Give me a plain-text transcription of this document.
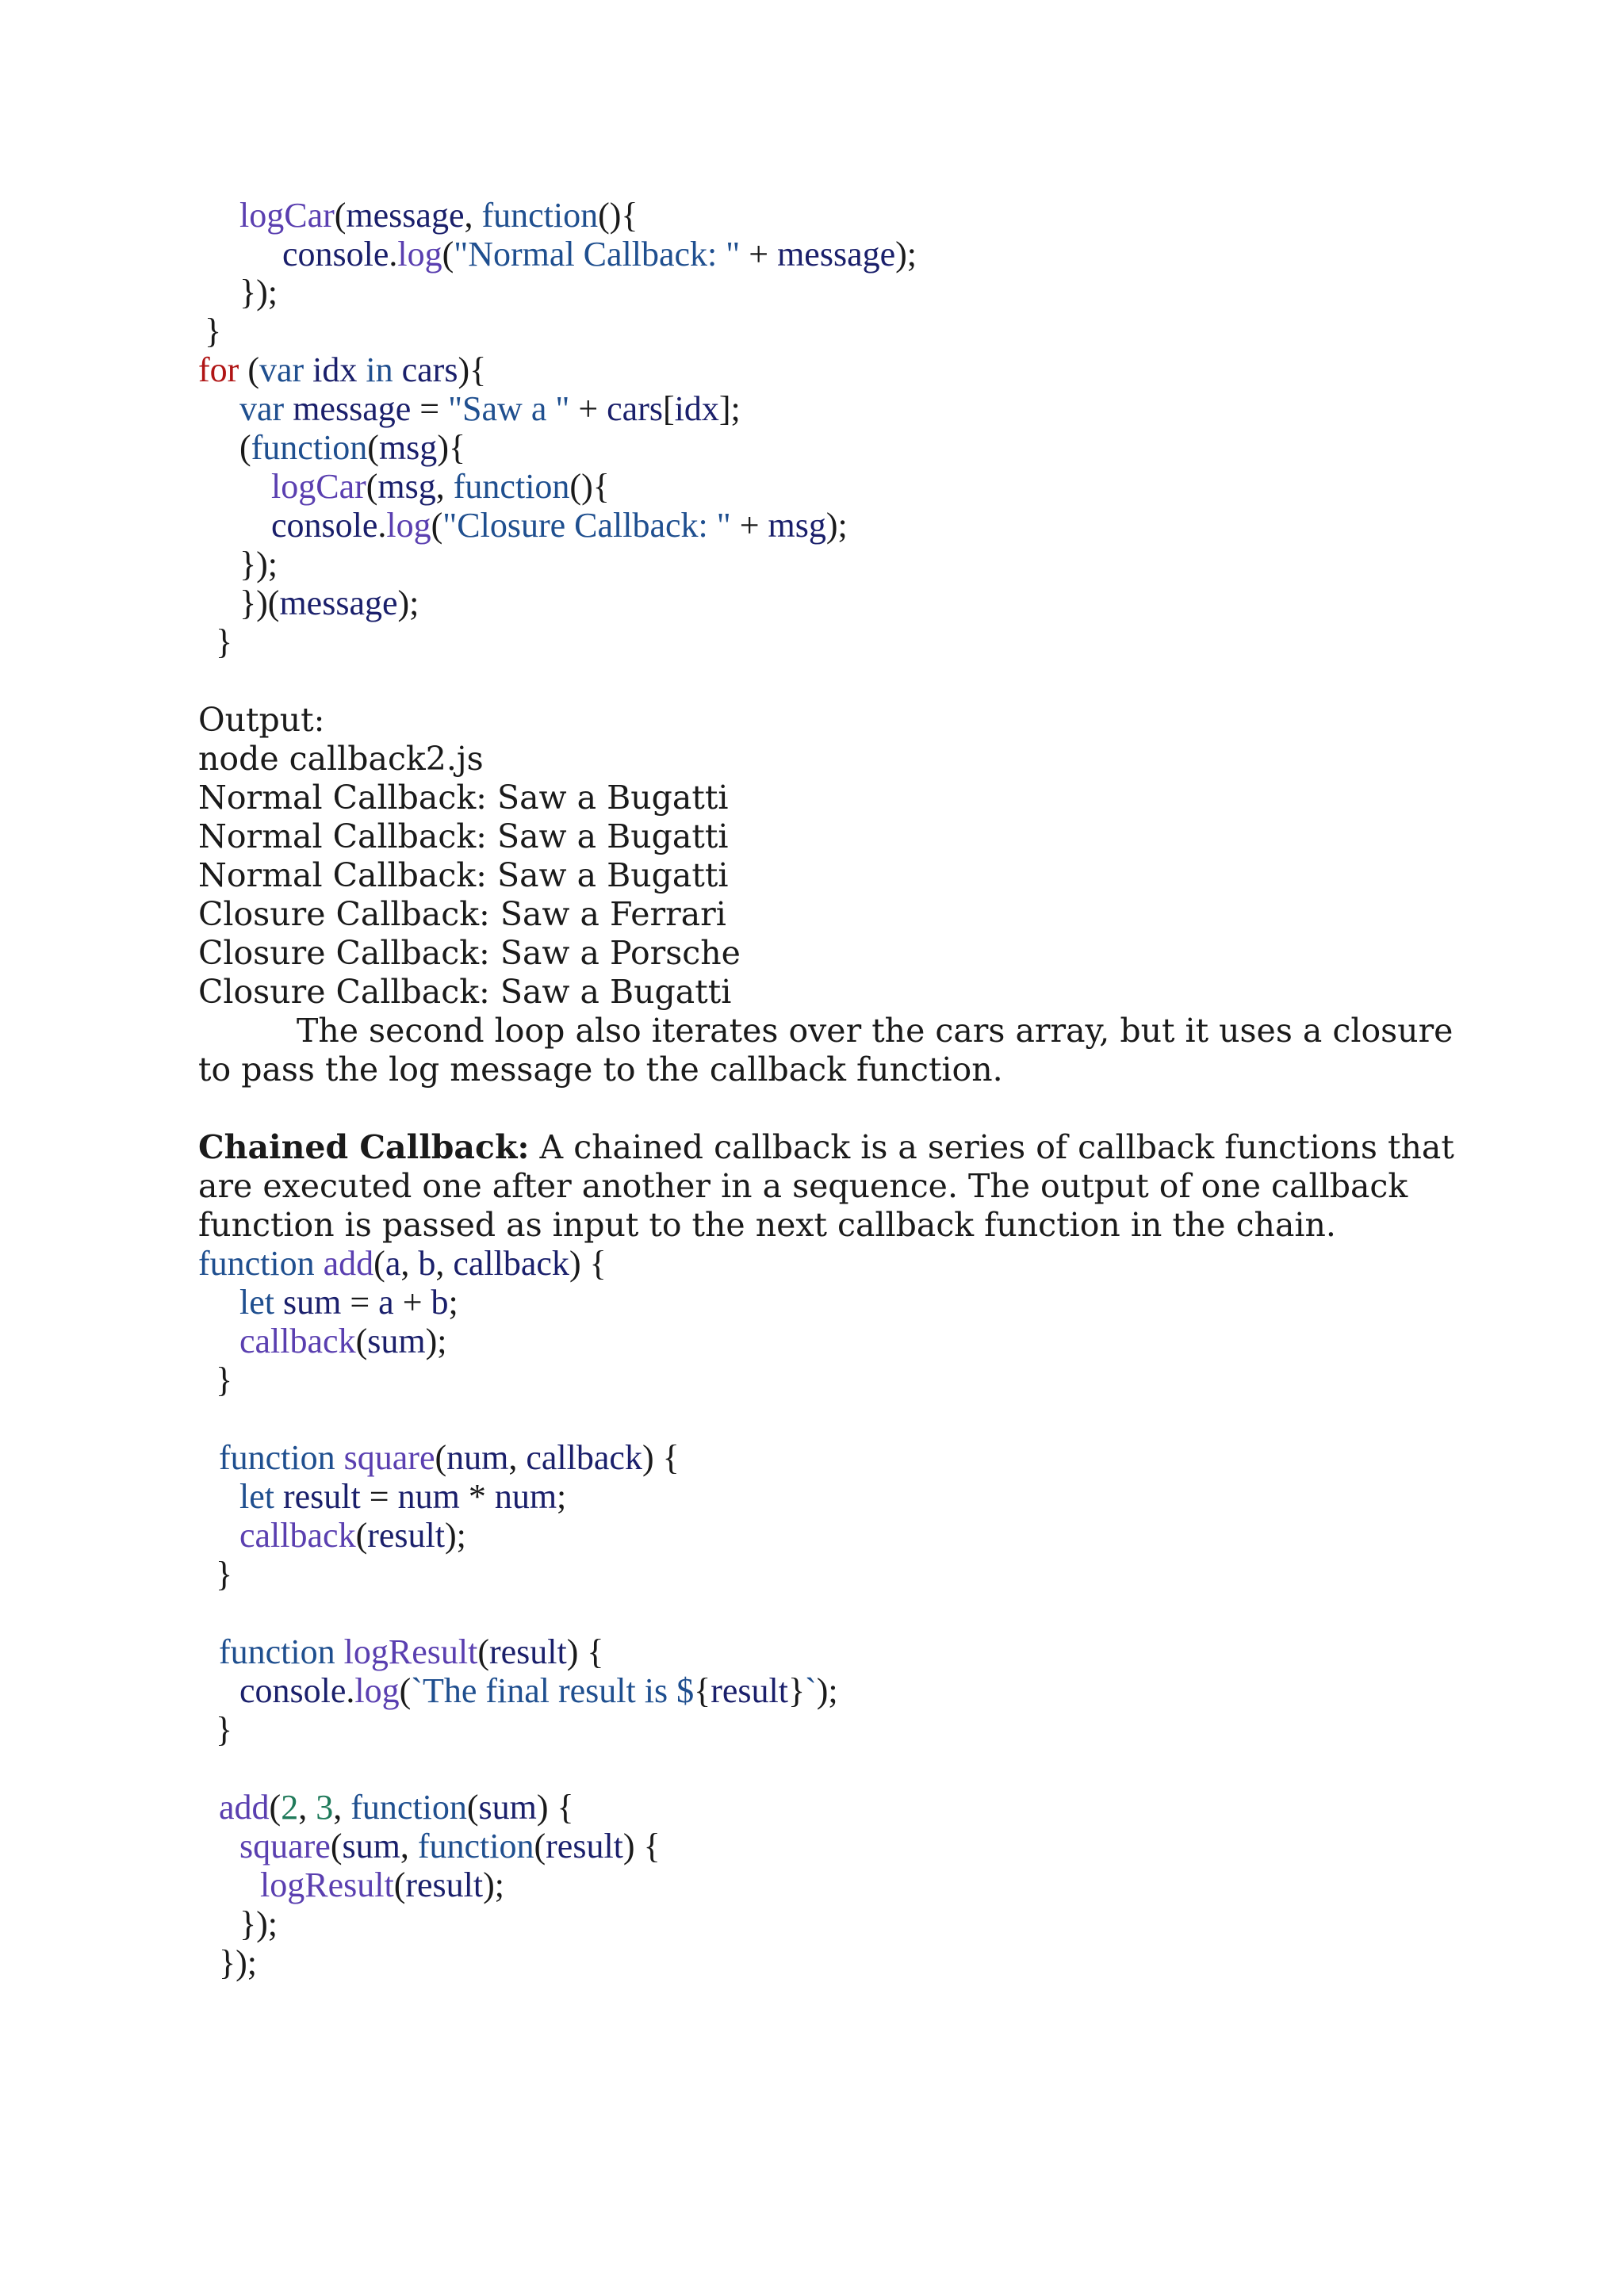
logCar(message, function(){
console.log("Normal Callback: " + message);
});
}
for (var idx in cars){
var message = "Saw a " + cars[idx];
(function(msg){
logCar(msg, function(){
console.log("Closure Callback: " + msg);
});
})(message);
}
Output:
node callback2.js
Normal Callback: Saw a Bugatti
Normal Callback: Saw a Bugatti
Normal Callback: Saw a Bugatti
Closure Callback: Saw a Ferrari
Closure Callback: Saw a Porsche
Closure Callback: Saw a Bugatti
The second loop also iterates over the cars array, but it uses a closure
to pass the log message to the callback function.
Chained Callback: A chained callback is a series of callback functions that
are executed one after another in a sequence. The output of one callback
function is passed as input to the next callback function in the chain.
function add(a, b, callback) {
let sum = a + b;
callback(sum);
}
function square(num, callback) {
let result = num * num;
callback(result);
}
function logResult(result) {
console.log(`The final result is ${result}`);
}
add(2, 3, function(sum) {
square(sum, function(result) {
logResult(result);
});
});
